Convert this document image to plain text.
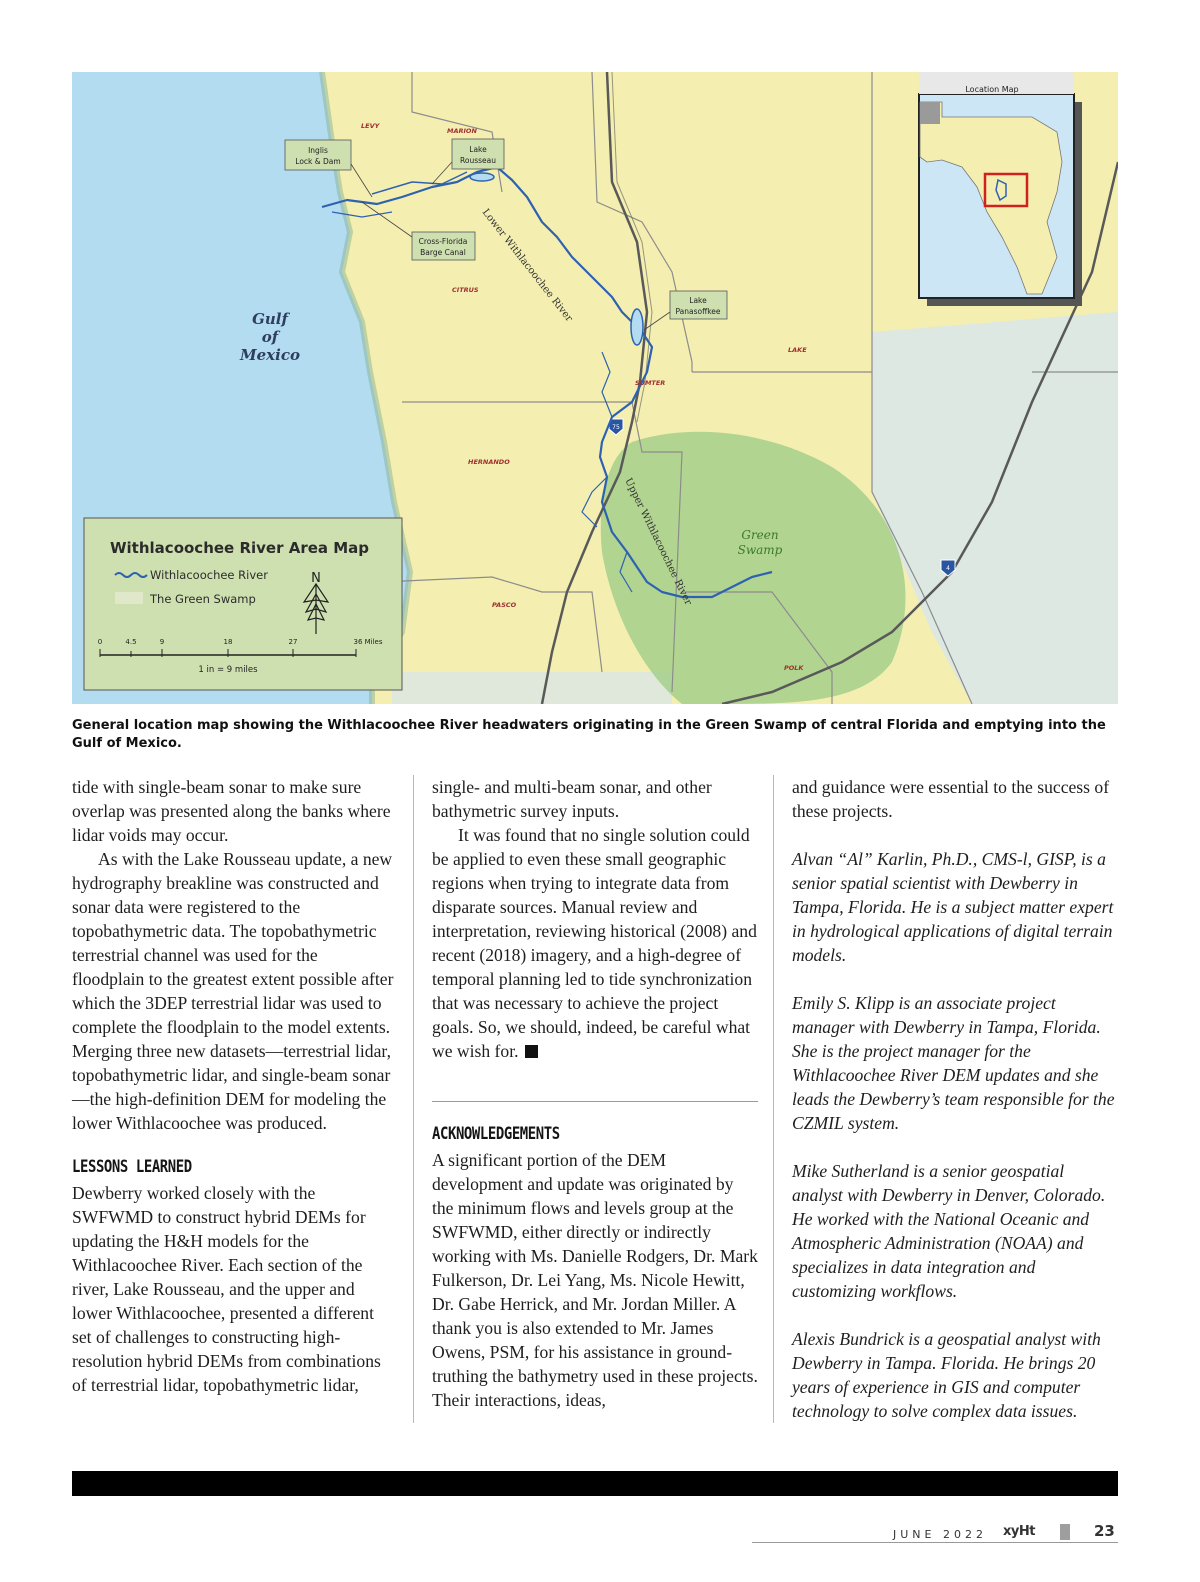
75
4
LEVY
MARION
CITRUS
SUMTER
LAKE
HERNANDO
PASCO
POLK
Gulf
of
Mexico
Inglis
Lock & Dam
Lake
Rousseau
Cross-Florida
Barge Canal
Lake
Panasoffkee
Lower Withlacoochee River
Upper Withlacoochee River	Green
Swamp
Location Map
Withlacoochee River Area Map
Withlacoochee River
The Green Swamp
N
0	4.5	9	18	27	36 Miles
1 in = 9 miles
General location map showing the Withlacoochee River headwaters originating in the Green Swamp of central Florida and emptying into the Gulf of Mexico.

tide with single-beam sonar to make sure overlap was presented along the banks where lidar voids may occur.

As with the Lake Rousseau update, a new hydrography breakline was constructed and sonar data were registered to the topobathymetric data. The topobathymetric terrestrial channel was used for the floodplain to the greatest extent possible after which the 3DEP terrestrial lidar was used to complete the floodplain to the model extents. Merging three new datasets—terrestrial lidar, topobathymetric lidar, and single-beam sonar—the high-definition DEM for modeling the lower Withlacoochee was produced.

LESSONS LEARNED

Dewberry worked closely with the SWFWMD to construct hybrid DEMs for updating the H&H models for the Withlacoochee River. Each section of the river, Lake Rousseau, and the upper and lower Withlacoochee, presented a different set of challenges to constructing high-resolution hybrid DEMs from combinations of terrestrial lidar, topobathymetric lidar,

single- and multi-beam sonar, and other bathymetric survey inputs.

It was found that no single solution could be applied to even these small geographic regions when trying to integrate data from disparate sources. Manual review and interpretation, reviewing historical (2008) and recent (2018) imagery, and a high-degree of temporal planning led to tide synchronization that was necessary to achieve the project goals. So, we should, indeed, be careful what we wish for.

ACKNOWLEDGEMENTS

A significant portion of the DEM development and update was originated by the minimum flows and levels group at the SWFWMD, either directly or indirectly working with Ms. Danielle Rodgers, Dr. Mark Fulkerson, Dr. Lei Yang, Ms. Nicole Hewitt, Dr. Gabe Herrick, and Mr. Jordan Miller. A thank you is also extended to Mr. James Owens, PSM, for his assistance in ground-truthing the bathymetry used in these projects. Their interactions, ideas,

and guidance were essential to the success of these projects.

Alvan “Al” Karlin, Ph.D., CMS-l, GISP, is a senior spatial scientist with Dewberry in Tampa, Florida. He is a subject matter expert in hydrological applications of digital terrain models.

Emily S. Klipp is an associate project manager with Dewberry in Tampa, Florida. She is the project manager for the Withlacoochee River DEM updates and she leads the Dewberry’s team responsible for the CZMIL system.

Mike Sutherland is a senior geospatial analyst with Dewberry in Denver, Colorado. He worked with the National Oceanic and Atmospheric Administration (NOAA) and specializes in data integration and customizing workflows.

Alexis Bundrick is a geospatial analyst with Dewberry in Tampa. Florida. He brings 20 years of experience in GIS and computer technology to solve complex data issues.

JUNE 2022 xyHt	23
